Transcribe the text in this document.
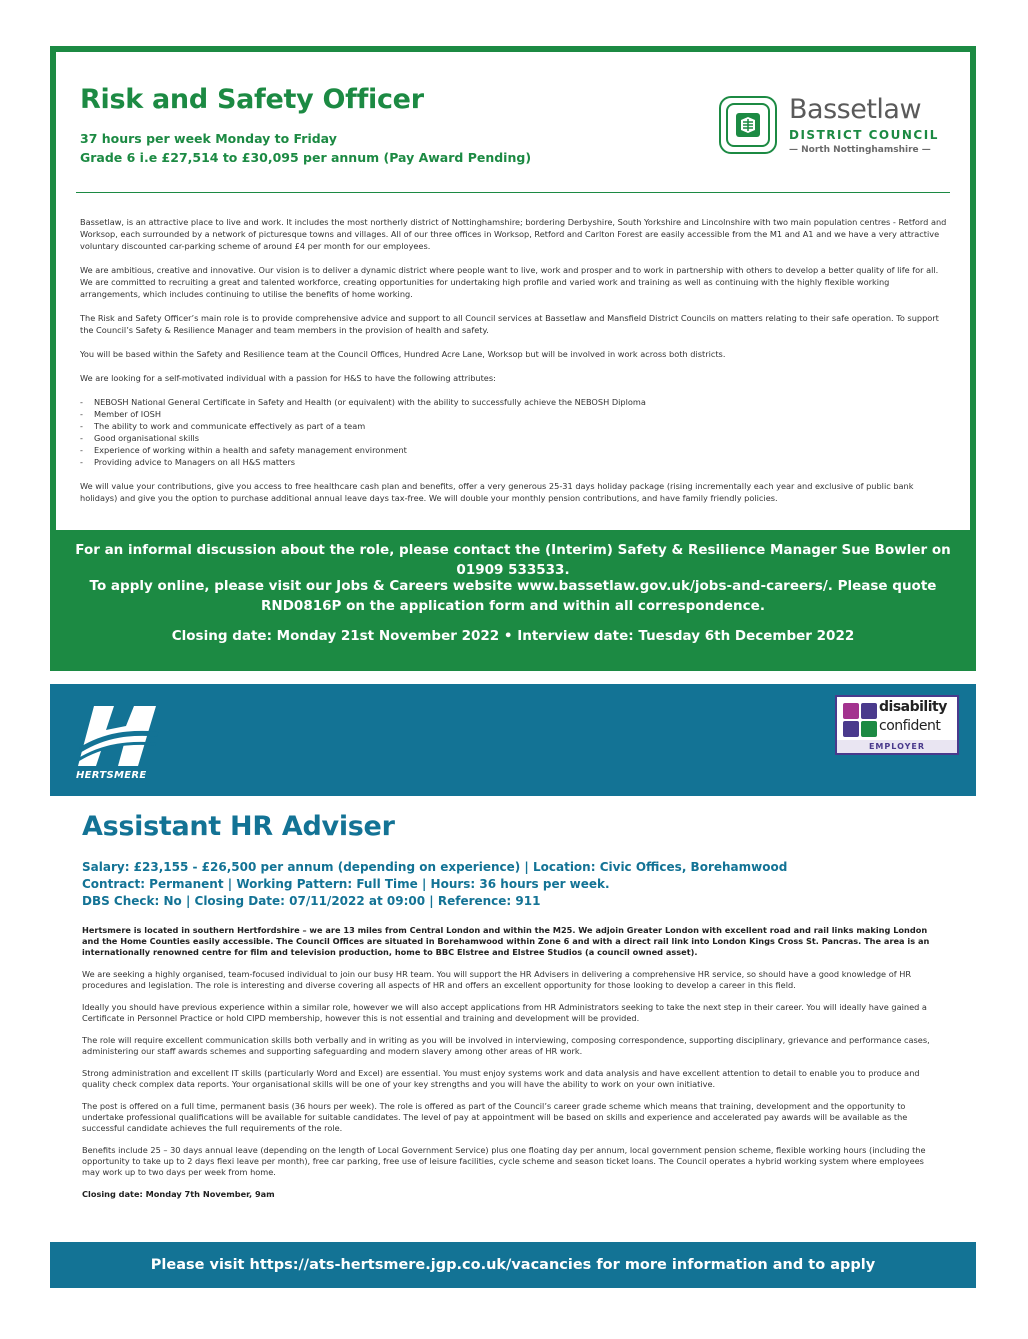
Risk and Safety Officer

37 hours per week Monday to Friday

Grade 6 i.e £27,514 to £30,095 per annum (Pay Award Pending)

Bassetlaw
DISTRICT COUNCIL
— North Nottinghamshire —

Bassetlaw, is an attractive place to live and work. It includes the most northerly district of Nottinghamshire; bordering Derbyshire, South Yorkshire and Lincolnshire with two main population centres - Retford and Worksop, each surrounded by a network of picturesque towns and villages. All of our three offices in Worksop, Retford and Carlton Forest are easily accessible from the M1 and A1 and we have a very attractive voluntary discounted car-parking scheme of around £4 per month for our employees.

We are ambitious, creative and innovative. Our vision is to deliver a dynamic district where people want to live, work and prosper and to work in partnership with others to develop a better quality of life for all. We are committed to recruiting a great and talented workforce, creating opportunities for undertaking high profile and varied work and training as well as continuing with the highly flexible working arrangements, which includes continuing to utilise the benefits of home working.

The Risk and Safety Officer’s main role is to provide comprehensive advice and support to all Council services at Bassetlaw and Mansfield District Councils on matters relating to their safe operation. To support the Council’s Safety & Resilience Manager and team members in the provision of health and safety.

You will be based within the Safety and Resilience team at the Council Offices, Hundred Acre Lane, Worksop but will be involved in work across both districts.

We are looking for a self-motivated individual with a passion for H&S to have the following attributes:

- NEBOSH National General Certificate in Safety and Health (or equivalent) with the ability to successfully achieve the NEBOSH Diploma
- Member of IOSH
- The ability to work and communicate effectively as part of a team
- Good organisational skills
- Experience of working within a health and safety management environment
- Providing advice to Managers on all H&S matters

We will value your contributions, give you access to free healthcare cash plan and benefits, offer a very generous 25-31 days holiday package (rising incrementally each year and exclusive of public bank holidays) and give you the option to purchase additional annual leave days tax-free. We will double your monthly pension contributions, and have family friendly policies.

For an informal discussion about the role, please contact the (Interim) Safety & Resilience Manager Sue Bowler on 01909 533533.
To apply online, please visit our Jobs & Careers website www.bassetlaw.gov.uk/jobs-and-careers/. Please quote RND0816P on the application form and within all correspondence.
Closing date: Monday 21st November 2022 • Interview date: Tuesday 6th December 2022
HERTSMERE
disability
confident
EMPLOYER
Assistant HR Adviser

Salary: £23,155 - £26,500 per annum (depending on experience) | Location: Civic Offices, Borehamwood

Contract: Permanent | Working Pattern: Full Time | Hours: 36 hours per week.

DBS Check: No | Closing Date: 07/11/2022 at 09:00 | Reference: 911

Hertsmere is located in southern Hertfordshire – we are 13 miles from Central London and within the M25. We adjoin Greater London with excellent road and rail links making London and the Home Counties easily accessible. The Council Offices are situated in Borehamwood within Zone 6 and with a direct rail link into London Kings Cross St. Pancras. The area is an internationally renowned centre for film and television production, home to BBC Elstree and Elstree Studios (a council owned asset).

We are seeking a highly organised, team-focused individual to join our busy HR team. You will support the HR Advisers in delivering a comprehensive HR service, so should have a good knowledge of HR procedures and legislation. The role is interesting and diverse covering all aspects of HR and offers an excellent opportunity for those looking to develop a career in this field.

Ideally you should have previous experience within a similar role, however we will also accept applications from HR Administrators seeking to take the next step in their career. You will ideally have gained a Certificate in Personnel Practice or hold CIPD membership, however this is not essential and training and development will be provided.

The role will require excellent communication skills both verbally and in writing as you will be involved in interviewing, composing correspondence, supporting disciplinary, grievance and performance cases, administering our staff awards schemes and supporting safeguarding and modern slavery among other areas of HR work.

Strong administration and excellent IT skills (particularly Word and Excel) are essential. You must enjoy systems work and data analysis and have excellent attention to detail to enable you to produce and quality check complex data reports. Your organisational skills will be one of your key strengths and you will have the ability to work on your own initiative.

The post is offered on a full time, permanent basis (36 hours per week). The role is offered as part of the Council’s career grade scheme which means that training, development and the opportunity to undertake professional qualifications will be available for suitable candidates. The level of pay at appointment will be based on skills and experience and accelerated pay awards will be available as the successful candidate achieves the full requirements of the role.

Benefits include 25 – 30 days annual leave (depending on the length of Local Government Service) plus one floating day per annum, local government pension scheme, flexible working hours (including the opportunity to take up to 2 days flexi leave per month), free car parking, free use of leisure facilities, cycle scheme and season ticket loans. The Council operates a hybrid working system where employees may work up to two days per week from home.

Closing date: Monday 7th November, 9am

Please visit https://ats-hertsmere.jgp.co.uk/vacancies for more information and to apply
